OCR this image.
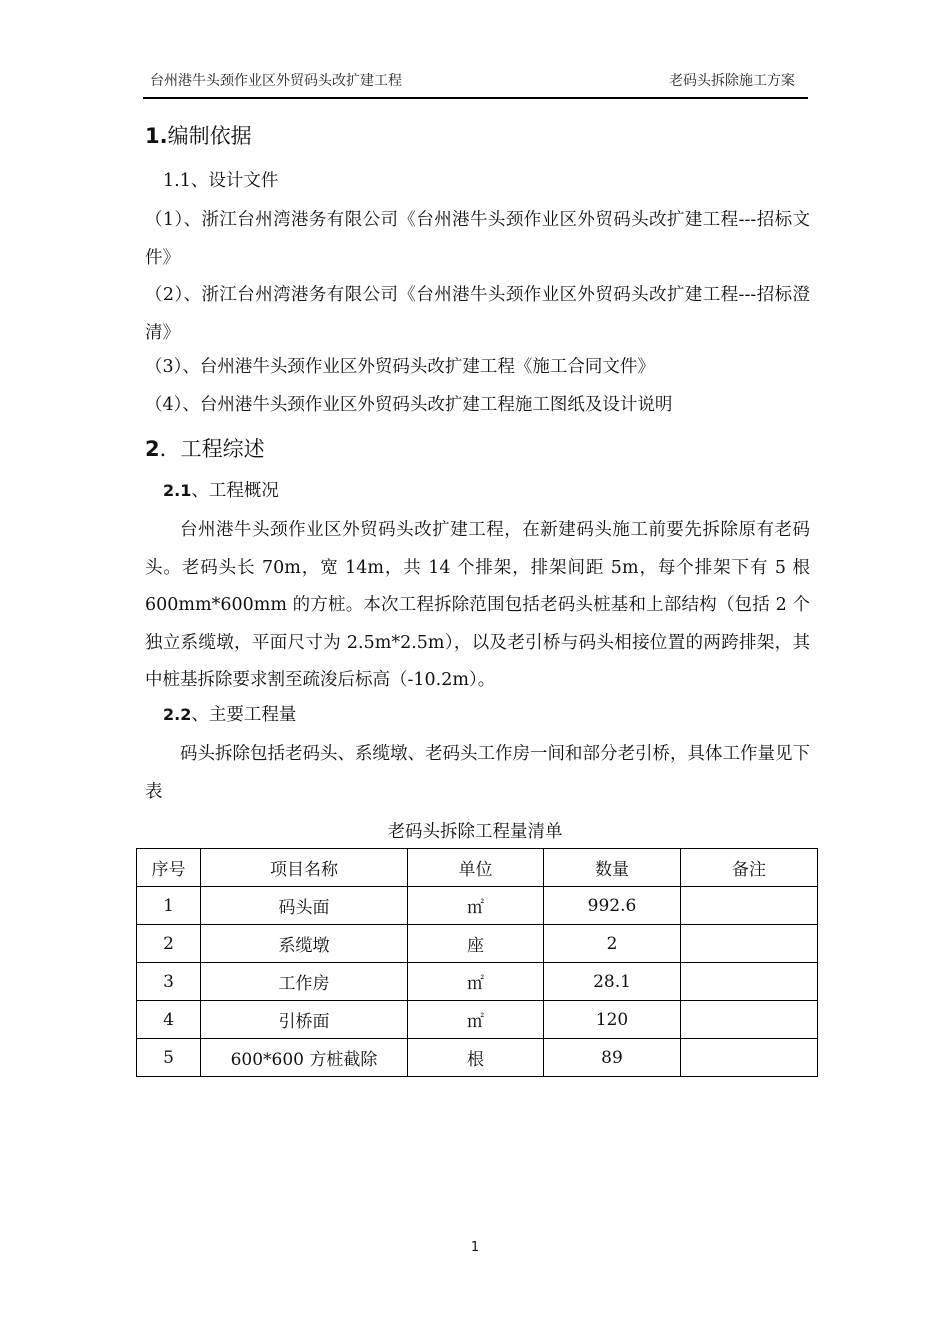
台州港牛头颈作业区外贸码头改扩建工程	老码头拆除施工方案
1.编制依据
1.1、设计文件
（1）、浙江台州湾港务有限公司《台州港牛头颈作业区外贸码头改扩建工程---招标文件》
（2）、浙江台州湾港务有限公司《台州港牛头颈作业区外贸码头改扩建工程---招标澄清》
（3）、台州港牛头颈作业区外贸码头改扩建工程《施工合同文件》
（4）、台州港牛头颈作业区外贸码头改扩建工程施工图纸及设计说明
2．工程综述
2.1、工程概况
台州港牛头颈作业区外贸码头改扩建工程，在新建码头施工前要先拆除原有老码头。老码头长 70m，宽 14m，共 14 个排架，排架间距 5m，每个排架下有 5 根 600mm*600mm 的方桩。本次工程拆除范围包括老码头桩基和上部结构（包括 2 个独立系缆墩，平面尺寸为 2.5m*2.5m），以及老引桥与码头相接位置的两跨排架，其中桩基拆除要求割至疏浚后标高（-10.2m）。
2.2、主要工程量
码头拆除包括老码头、系缆墩、老码头工作房一间和部分老引桥，具体工作量见下表
老码头拆除工程量清单
序号	项目名称	单位	数量	备注
1	码头面	㎡	992.6	
2	系缆墩	座	2	
3	工作房	㎡	28.1	
4	引桥面	㎡	120	
5	600*600 方桩截除	根	89	
1
